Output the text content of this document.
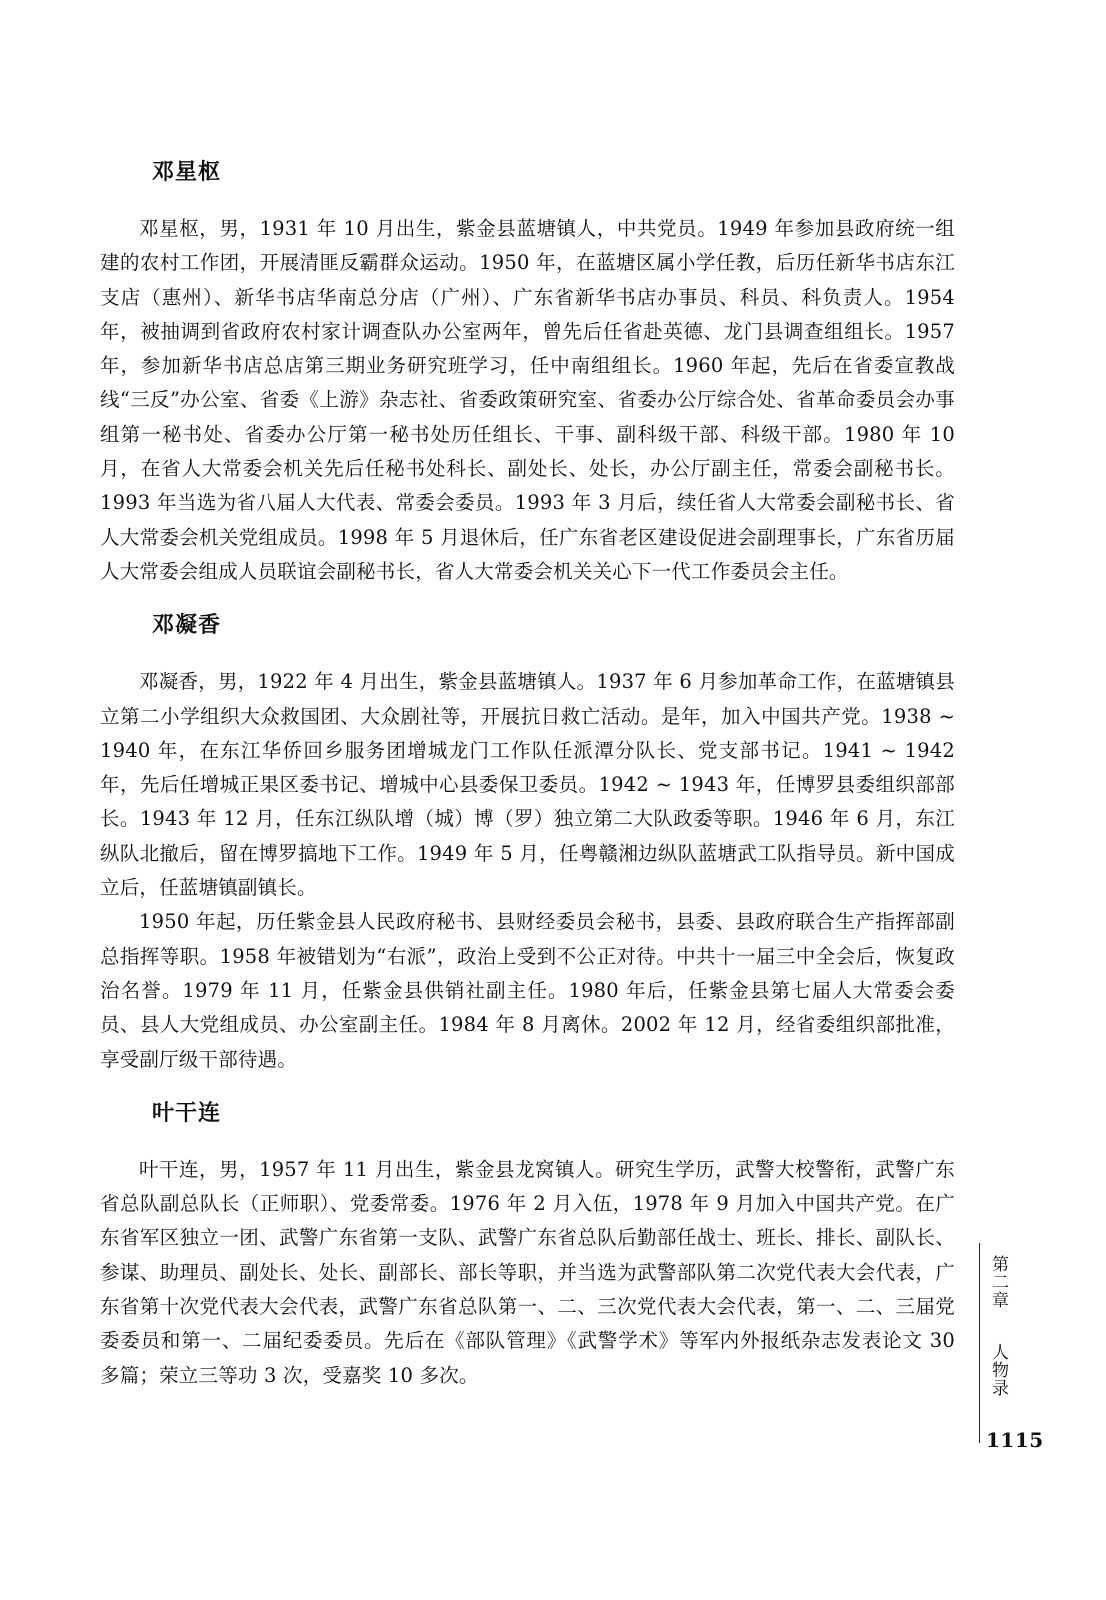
邓星枢

邓星枢，男，1931 年 10 月出生，紫金县蓝塘镇人，中共党员。1949 年参加县政府统一组建的农村工作团，开展清匪反霸群众运动。1950 年，在蓝塘区属小学任教，后历任新华书店东江支店（惠州）、新华书店华南总分店（广州）、广东省新华书店办事员、科员、科负责人。1954 年，被抽调到省政府农村家计调查队办公室两年，曾先后任省赴英德、龙门县调查组组长。1957 年，参加新华书店总店第三期业务研究班学习，任中南组组长。1960 年起，先后在省委宣教战线“三反”办公室、省委《上游》杂志社、省委政策研究室、省委办公厅综合处、省革命委员会办事组第一秘书处、省委办公厅第一秘书处历任组长、干事、副科级干部、科级干部。1980 年 10 月，在省人大常委会机关先后任秘书处科长、副处长、处长，办公厅副主任，常委会副秘书长。1993 年当选为省八届人大代表、常委会委员。1993 年 3 月后，续任省人大常委会副秘书长、省人大常委会机关党组成员。1998 年 5 月退休后，任广东省老区建设促进会副理事长，广东省历届人大常委会组成人员联谊会副秘书长，省人大常委会机关关心下一代工作委员会主任。

邓凝香

邓凝香，男，1922 年 4 月出生，紫金县蓝塘镇人。1937 年 6 月参加革命工作，在蓝塘镇县立第二小学组织大众救国团、大众剧社等，开展抗日救亡活动。是年，加入中国共产党。1938 ~ 1940 年，在东江华侨回乡服务团增城龙门工作队任派潭分队长、党支部书记。1941 ~ 1942 年，先后任增城正果区委书记、增城中心县委保卫委员。1942 ~ 1943 年，任博罗县委组织部部长。1943 年 12 月，任东江纵队增（城）博（罗）独立第二大队政委等职。1946 年 6 月，东江纵队北撤后，留在博罗搞地下工作。1949 年 5 月，任粤赣湘边纵队蓝塘武工队指导员。新中国成立后，任蓝塘镇副镇长。

1950 年起，历任紫金县人民政府秘书、县财经委员会秘书，县委、县政府联合生产指挥部副总指挥等职。1958 年被错划为“右派”，政治上受到不公正对待。中共十一届三中全会后，恢复政治名誉。1979 年 11 月，任紫金县供销社副主任。1980 年后，任紫金县第七届人大常委会委员、县人大党组成员、办公室副主任。1984 年 8 月离休。2002 年 12 月，经省委组织部批准，享受副厅级干部待遇。

叶干连

叶干连，男，1957 年 11 月出生，紫金县龙窝镇人。研究生学历，武警大校警衔，武警广东省总队副总队长（正师职）、党委常委。1976 年 2 月入伍，1978 年 9 月加入中国共产党。在广东省军区独立一团、武警广东省第一支队、武警广东省总队后勤部任战士、班长、排长、副队长、参谋、助理员、副处长、处长、副部长、部长等职，并当选为武警部队第二次党代表大会代表，广东省第十次党代表大会代表，武警广东省总队第一、二、三次党代表大会代表，第一、二、三届党委委员和第一、二届纪委委员。先后在《部队管理》《武警学术》等军内外报纸杂志发表论文 30 多篇；荣立三等功 3 次，受嘉奖 10 多次。

第二章
人物录
1115
